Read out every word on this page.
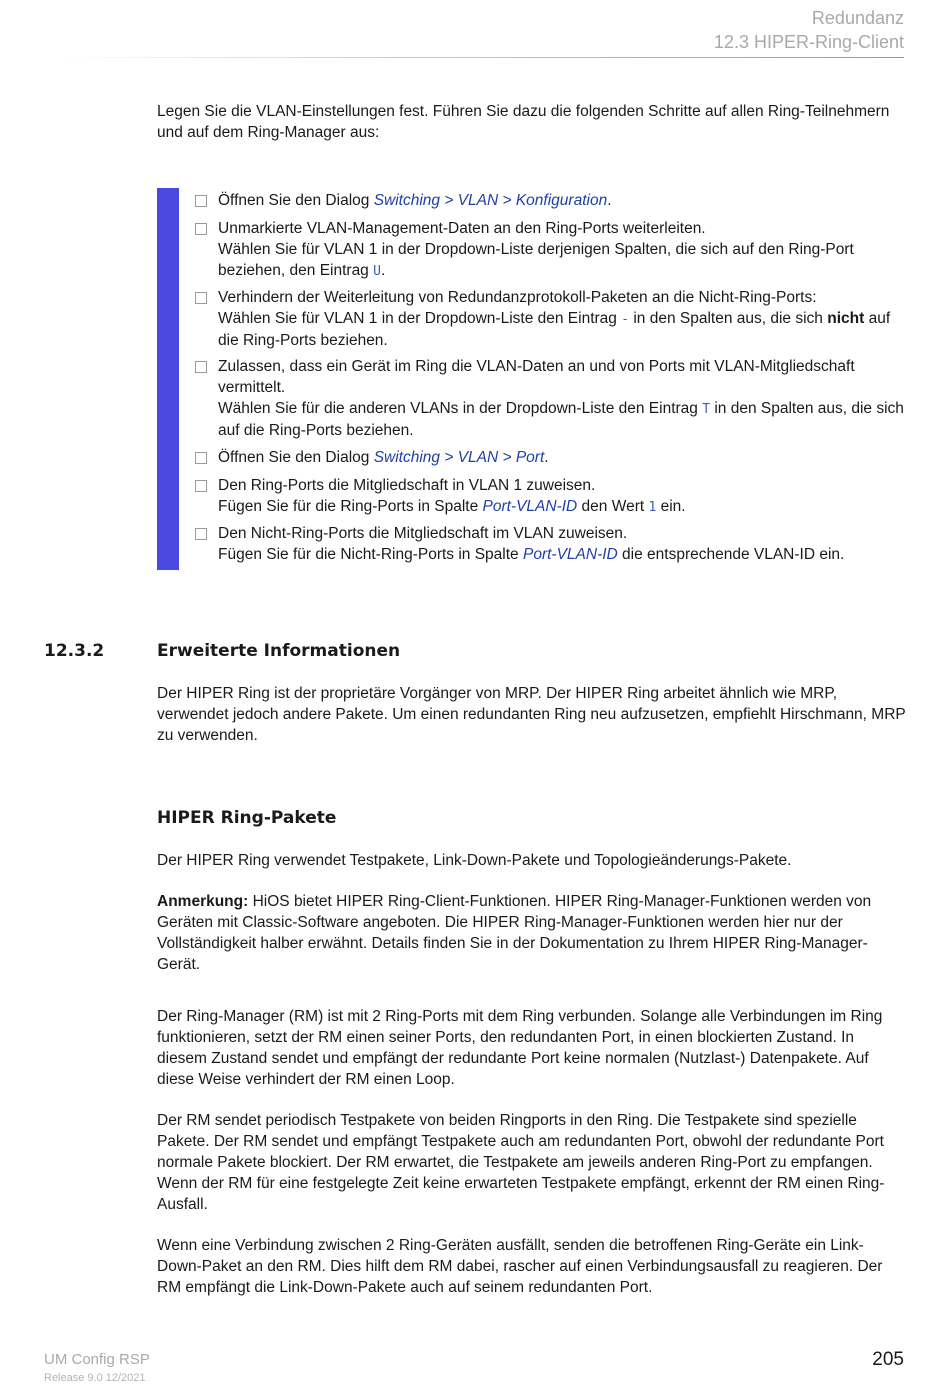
Redundanz
12.3 HIPER-Ring-Client

Legen Sie die VLAN-Einstellungen fest. Führen Sie dazu die folgenden Schritte auf allen Ring-Teilnehmern und auf dem Ring-Manager aus:

Öffnen Sie den Dialog Switching > VLAN > Konfiguration.
Unmarkierte VLAN-Management-Daten an den Ring-Ports weiterleiten.
Wählen Sie für VLAN 1 in der Dropdown-Liste derjenigen Spalten, die sich auf den Ring-Port beziehen, den Eintrag U.
Verhindern der Weiterleitung von Redundanzprotokoll-Paketen an die Nicht-Ring-Ports:
Wählen Sie für VLAN 1 in der Dropdown-Liste den Eintrag - in den Spalten aus, die sich nicht auf die Ring-Ports beziehen.
Zulassen, dass ein Gerät im Ring die VLAN-Daten an und von Ports mit VLAN-Mitgliedschaft vermittelt.
Wählen Sie für die anderen VLANs in der Dropdown-Liste den Eintrag T in den Spalten aus, die sich auf die Ring-Ports beziehen.
Öffnen Sie den Dialog Switching > VLAN > Port.
Den Ring-Ports die Mitgliedschaft in VLAN 1 zuweisen.
Fügen Sie für die Ring-Ports in Spalte Port-VLAN-ID den Wert 1 ein.
Den Nicht-Ring-Ports die Mitgliedschaft im VLAN zuweisen.
Fügen Sie für die Nicht-Ring-Ports in Spalte Port-VLAN-ID die entsprechende VLAN-ID ein.
12.3.2	Erweiterte Informationen

Der HIPER Ring ist der proprietäre Vorgänger von MRP. Der HIPER Ring arbeitet ähnlich wie MRP, verwendet jedoch andere Pakete. Um einen redundanten Ring neu aufzusetzen, empfiehlt Hirschmann, MRP zu verwenden.

HIPER Ring-Pakete

Der HIPER Ring verwendet Testpakete, Link-Down-Pakete und Topologieänderungs-Pakete.

Anmerkung: HiOS bietet HIPER Ring-Client-Funktionen. HIPER Ring-Manager-Funktionen werden von Geräten mit Classic-Software angeboten. Die HIPER Ring-Manager-Funktionen werden hier nur der Vollständigkeit halber erwähnt. Details finden Sie in der Dokumentation zu Ihrem HIPER Ring-Manager-Gerät.

Der Ring-Manager (RM) ist mit 2 Ring-Ports mit dem Ring verbunden. Solange alle Verbindungen im Ring funktionieren, setzt der RM einen seiner Ports, den redundanten Port, in einen blockierten Zustand. In diesem Zustand sendet und empfängt der redundante Port keine normalen (Nutzlast-) Datenpakete. Auf diese Weise verhindert der RM einen Loop.

Der RM sendet periodisch Testpakete von beiden Ringports in den Ring. Die Testpakete sind spezielle Pakete. Der RM sendet und empfängt Testpakete auch am redundanten Port, obwohl der redundante Port normale Pakete blockiert. Der RM erwartet, die Testpakete am jeweils anderen Ring-Port zu empfangen. Wenn der RM für eine festgelegte Zeit keine erwarteten Testpakete empfängt, erkennt der RM einen Ring-Ausfall.

Wenn eine Verbindung zwischen 2 Ring-Geräten ausfällt, senden die betroffenen Ring-Geräte ein Link-Down-Paket an den RM. Dies hilft dem RM dabei, rascher auf einen Verbindungsausfall zu reagieren. Der RM empfängt die Link-Down-Pakete auch auf seinem redundanten Port.

UM Config RSP
Release 9.0 12/2021
205
